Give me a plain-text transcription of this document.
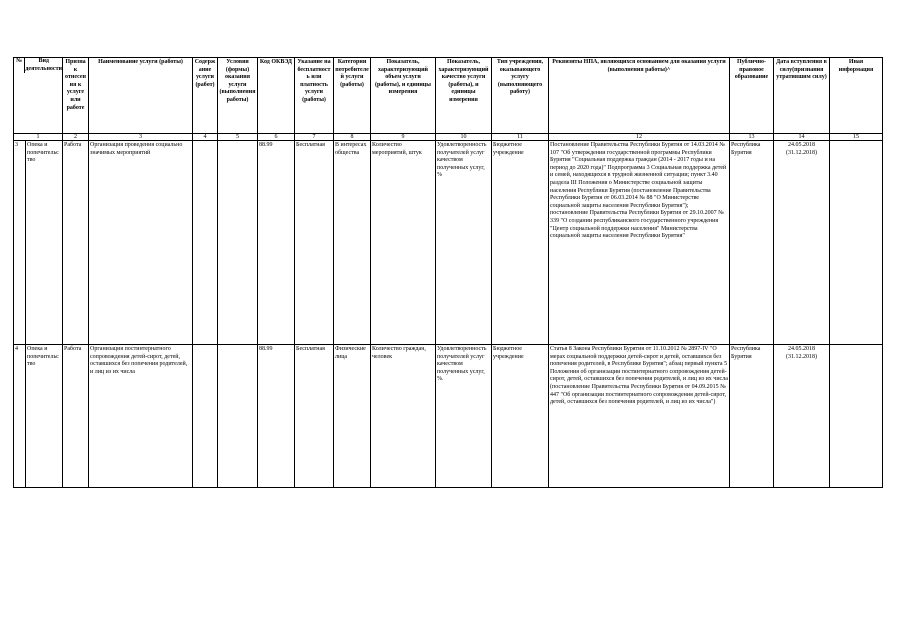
№ Вид деятельности		Признак отнесения к услуге или работе	Наименование услуги (работы)	Содержание услуги (работ)	Условия (формы) оказания услуги (выполнения работы)	Код ОКВЭД	Указание на бесплатность или платность услуги (работы)	Категории потребителей услуги (работы)	Показатель, характеризующий объем услуги (работы), и единицы измерения	Показатель, характеризующий качество услуги (работы), и единицы измерения	Тип учреждения, оказывающего услугу (выполняющего работу)	Реквизиты НПА, являющихся основанием для оказания услуги (выполнения работы)^	Публично-правовое образование	Дата вступления в силу(признания утратившим силу)	Иная информация
1		2	3	4	5	6	7	8	9	10	11	12	13	14	15
3	Опека и попечительство	Работа	Организация проведения социально значимых мероприятий			88.99	Бесплатная	В интересах общества	Количество мероприятий, штук	Удовлетворенность получателей услуг качеством полученных услуг, %	Бюджетное учреждение	Постановление Правительства Республики Бурятия от 14.03.2014 № 107 "Об утверждении государственной программы Республики Бурятия "Социальная поддержка граждан (2014 - 2017 годы и на период до 2020 года)" Подпрограмма 3 Социальная поддержка детей и семей, находящихся в трудной жизненной ситуации; пункт 3.40 раздела III Положения о Министерстве социальной защиты населения Республики Бурятия (постановление Правительства Республики Бурятия от 06.03.2014 № 88 "О Министерстве социальной защиты населения Республики Бурятия"); постановление Правительства Республики Бурятия от 29.10.2007 № 339 "О создании республиканского государственного учреждения "Центр социальной поддержки населения" Министерства социальной защиты населения Республики Бурятия"	Республика Бурятия	24.05.2018 (31.12.2018)	
4	Опека и попечительство	Работа	Организация постинтернатного сопровождения детей-сирот, детей, оставшихся без попечения родителей, и лиц из их числа			88.99	Бесплатная	Физические лица	Количество граждан, человек	Удовлетворенность получателей услуг качеством полученных услуг, %.	Бюджетное учреждение	Статья 8 Закона Республики Бурятия от 11.10.2012 № 2897-IV "О мерах социальной поддержки детей-сирот и детей, оставшихся без попечения родителей, в Республике Бурятия"; абзац первый пункта 5 Положения об организации постинтернатного сопровождения детей-сирот, детей, оставшихся без попечения родителей, и лиц из их числа (постановление Правительства Республики Бурятия от 04.09.2015 № 447 "Об организации постинтернатного сопровождения детей-сирот, детей, оставшихся без попечения родителей, и лиц из их числа")	Республика Бурятия	24.05.2018 (31.12.2018)	
